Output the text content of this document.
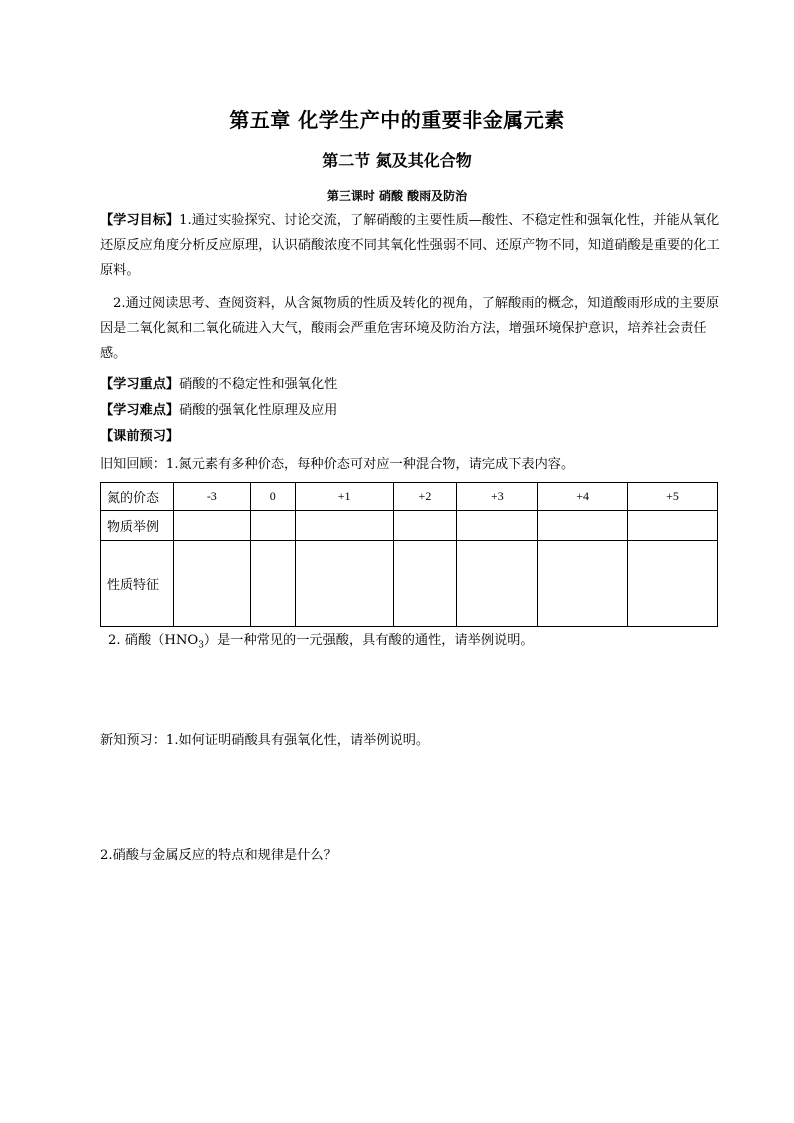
第五章 化学生产中的重要非金属元素
第二节 氮及其化合物
第三课时 硝酸 酸雨及防治
【学习目标】1.通过实验探究、讨论交流，了解硝酸的主要性质—酸性、不稳定性和强氧化性，并能从氧化还原反应角度分析反应原理，认识硝酸浓度不同其氧化性强弱不同、还原产物不同，知道硝酸是重要的化工原料。
2.通过阅读思考、查阅资料，从含氮物质的性质及转化的视角，了解酸雨的概念，知道酸雨形成的主要原因是二氧化氮和二氧化硫进入大气，酸雨会严重危害环境及防治方法，增强环境保护意识，培养社会责任感。
【学习重点】硝酸的不稳定性和强氧化性
【学习难点】硝酸的强氧化性原理及应用
【课前预习】
旧知回顾：1.氮元素有多种价态，每种价态可对应一种混合物，请完成下表内容。
氮的价态	-3	0	+1	+2	+3	+4	+5
物质举例							
性质特征							
2. 硝酸$(HNO_3)$是一种常见的一元强酸，具有酸的通性，请举例说明。
新知预习：1.如何证明硝酸具有强氧化性，请举例说明。
2.硝酸与金属反应的特点和规律是什么？
